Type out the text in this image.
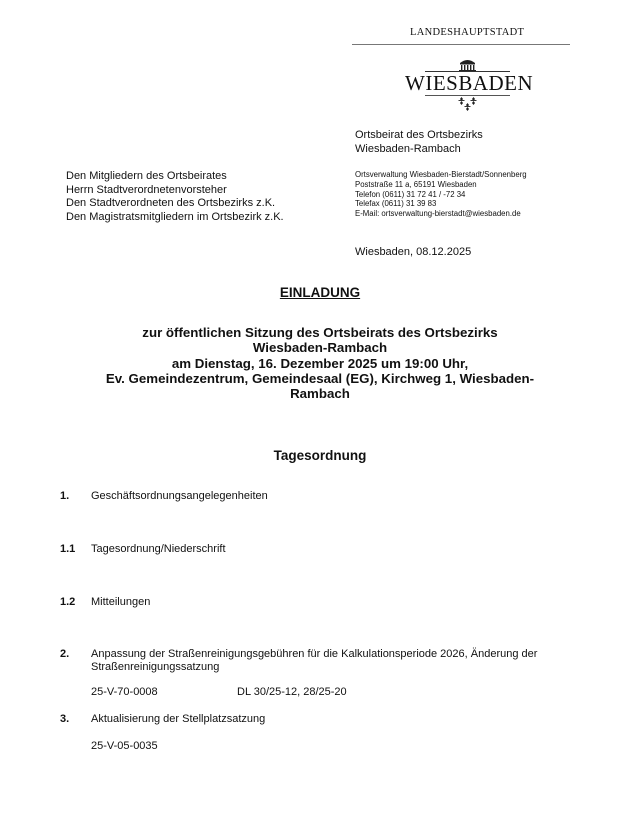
LANDESHAUPTSTADT
WIESBADEN
Ortsbeirat des Ortsbezirks
Wiesbaden-Rambach
Ortsverwaltung Wiesbaden-Bierstadt/Sonnenberg
Poststraße 11 a, 65191 Wiesbaden
Telefon (0611) 31 72 41 / -72 34
Telefax (0611) 31 39 83
E-Mail: ortsverwaltung-bierstadt@wiesbaden.de
Den Mitgliedern des Ortsbeirates
Herrn Stadtverordnetenvorsteher
Den Stadtverordneten des Ortsbezirks z.K.
Den Magistratsmitgliedern im Ortsbezirk z.K.
Wiesbaden, 08.12.2025
EINLADUNG
zur öffentlichen Sitzung des Ortsbeirats des Ortsbezirks
Wiesbaden-Rambach
am Dienstag, 16. Dezember 2025 um 19:00 Uhr,
Ev. Gemeindezentrum, Gemeindesaal (EG), Kirchweg 1, Wiesbaden-
Rambach
Tagesordnung
1.	Geschäftsordnungsangelegenheiten
1.1	Tagesordnung/Niederschrift
1.2	Mitteilungen
2.	Anpassung der Straßenreinigungsgebühren für die Kalkulationsperiode 2026, Änderung der Straßenreinigungssatzung
25-V-70-0008	DL 30/25-12, 28/25-20
3.	Aktualisierung der Stellplatzsatzung
25-V-05-0035
